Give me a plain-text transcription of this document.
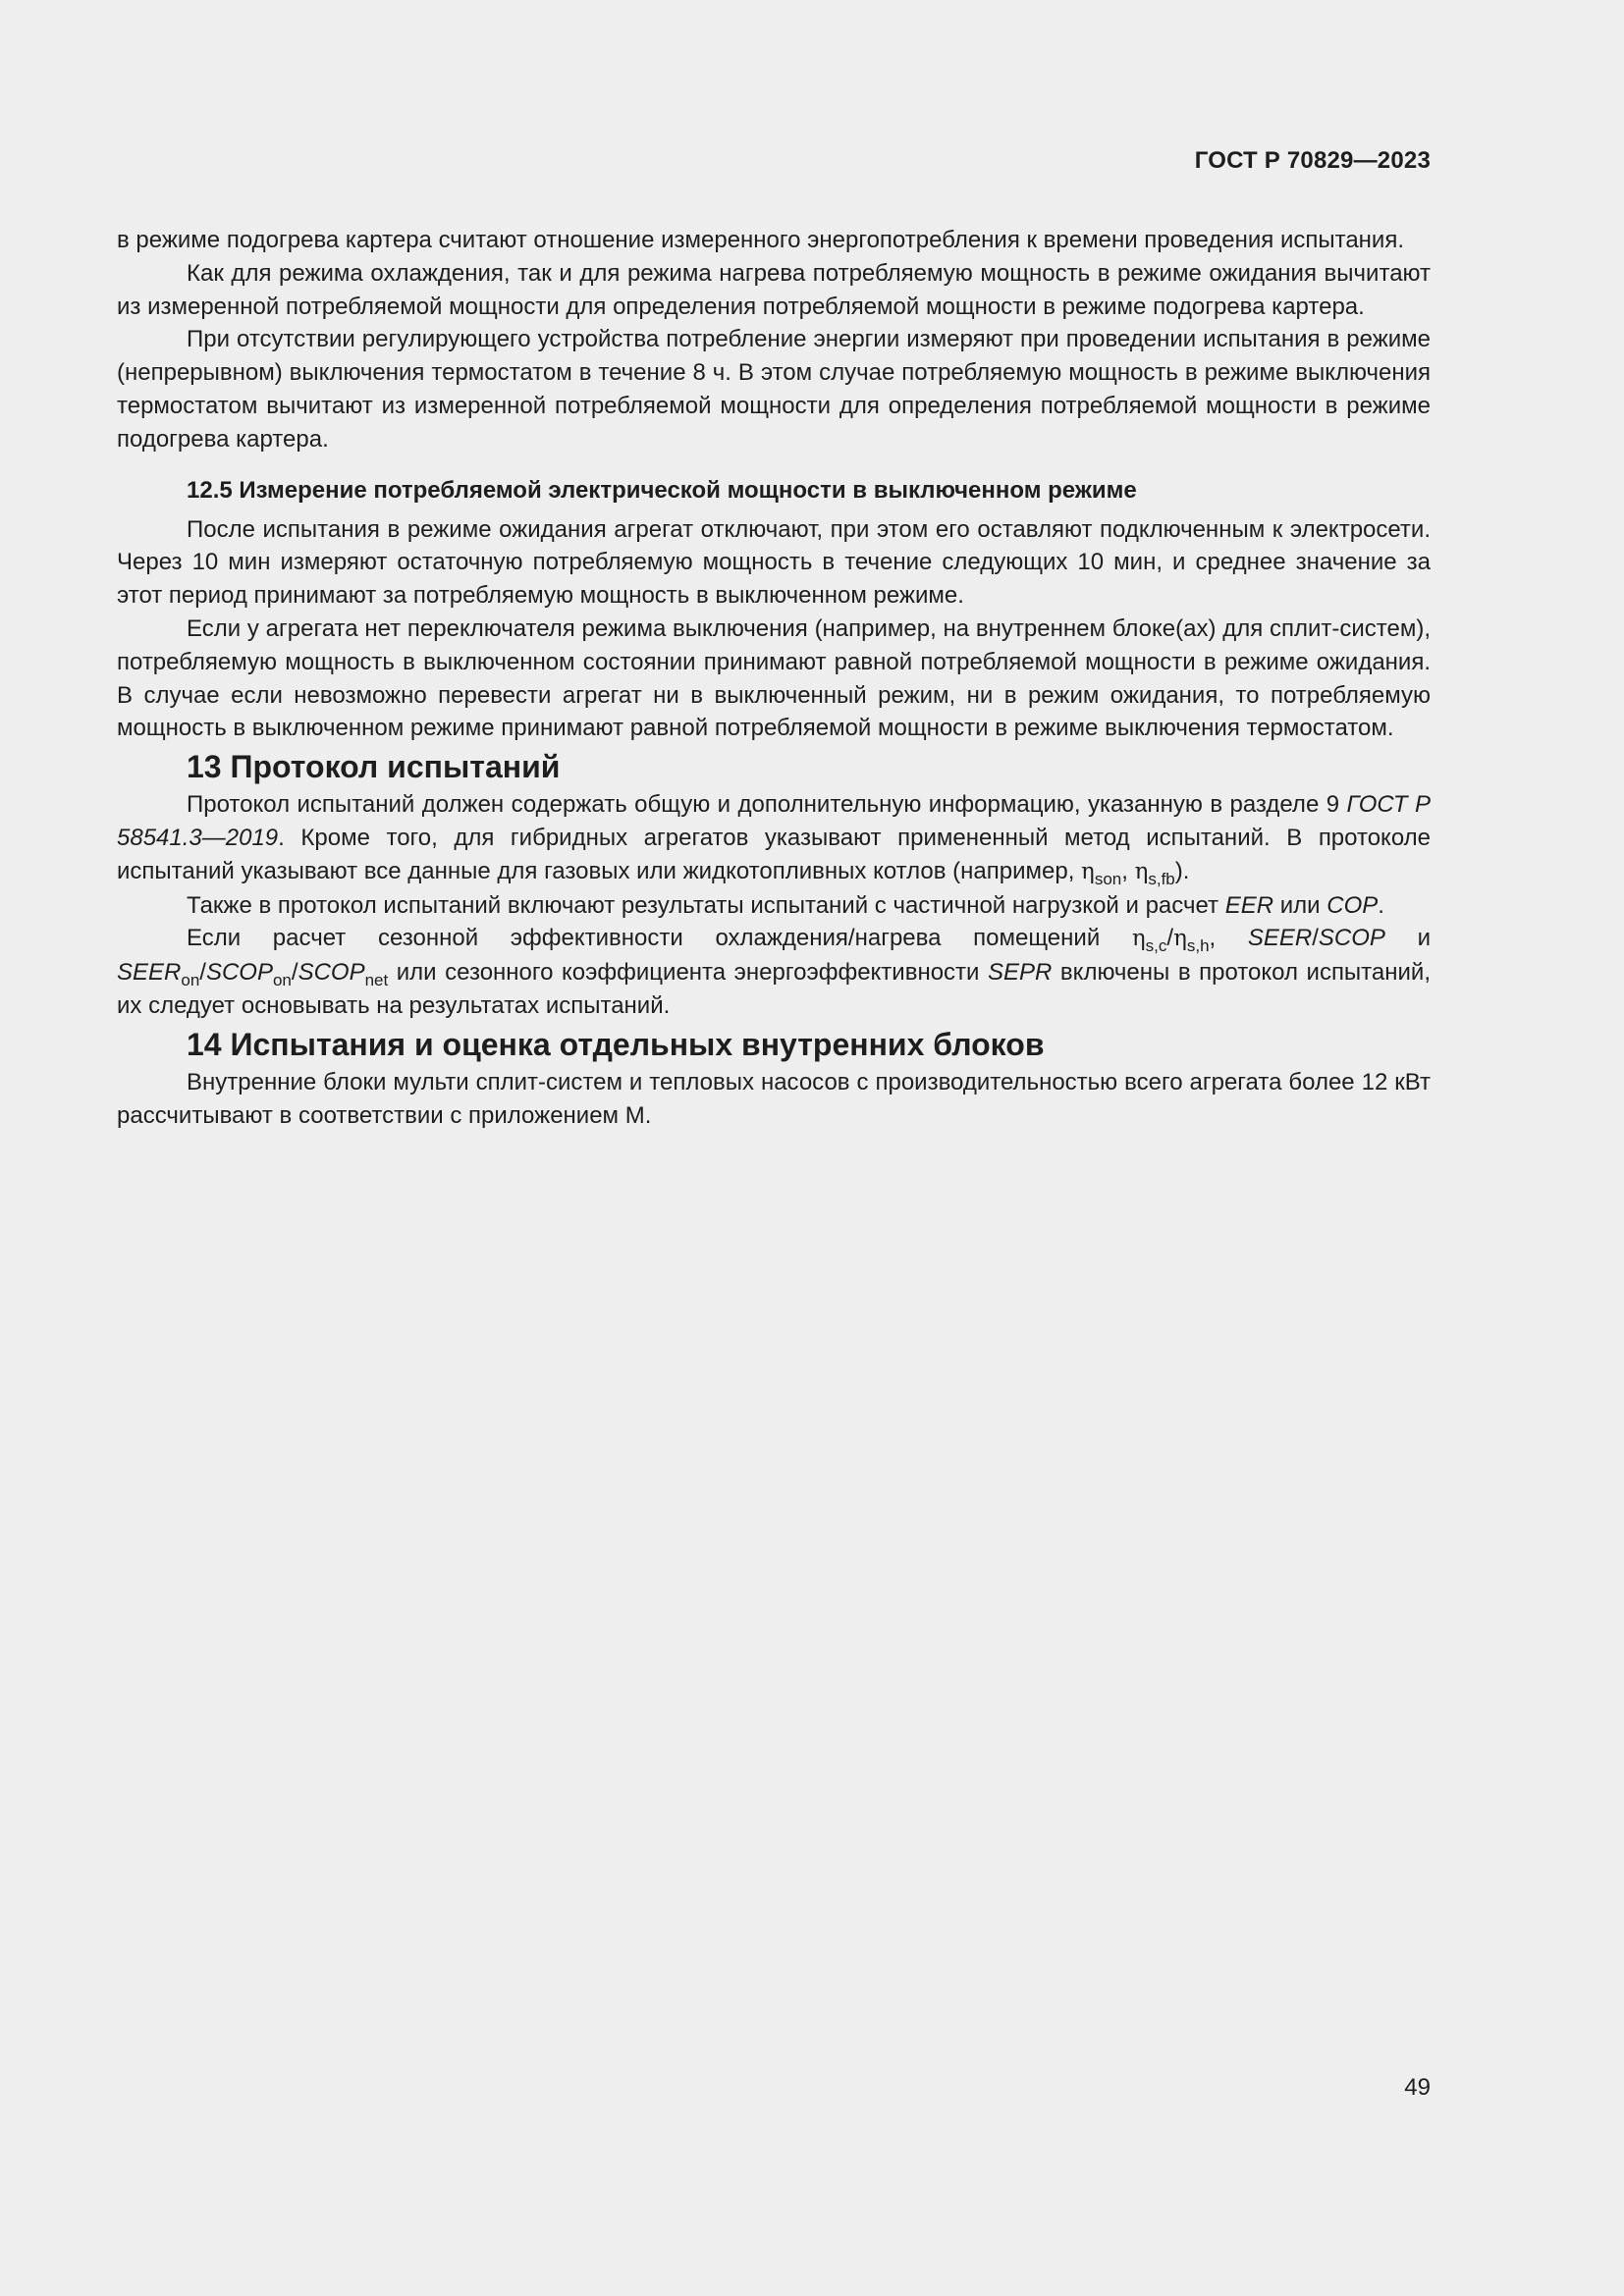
ГОСТ Р 70829—2023

в режиме подогрева картера считают отношение измеренного энергопотребления к времени проведения испытания.

Как для режима охлаждения, так и для режима нагрева потребляемую мощность в режиме ожидания вычитают из измеренной потребляемой мощности для определения потребляемой мощности в режиме подогрева картера.

При отсутствии регулирующего устройства потребление энергии измеряют при проведении испытания в режиме (непрерывном) выключения термостатом в течение 8 ч. В этом случае потребляемую мощность в режиме выключения термостатом вычитают из измеренной потребляемой мощности для определения потребляемой мощности в режиме подогрева картера.

12.5 Измерение потребляемой электрической мощности в выключенном режиме

После испытания в режиме ожидания агрегат отключают, при этом его оставляют подключенным к электросети. Через 10 мин измеряют остаточную потребляемую мощность в течение следующих 10 мин, и среднее значение за этот период принимают за потребляемую мощность в выключенном режиме.

Если у агрегата нет переключателя режима выключения (например, на внутреннем блоке(ах) для сплит-систем), потребляемую мощность в выключенном состоянии принимают равной потребляемой мощности в режиме ожидания. В случае если невозможно перевести агрегат ни в выключенный режим, ни в режим ожидания, то потребляемую мощность в выключенном режиме принимают равной потребляемой мощности в режиме выключения термостатом.

13 Протокол испытаний

Протокол испытаний должен содержать общую и дополнительную информацию, указанную в разделе 9 ГОСТ Р 58541.3—2019. Кроме того, для гибридных агрегатов указывают примененный метод испытаний. В протоколе испытаний указывают все данные для газовых или жидкотопливных котлов (например, $\eta_{son}$, $\eta_{s,fb}$).

Также в протокол испытаний включают результаты испытаний с частичной нагрузкой и расчет EER или COP.

Если расчет сезонной эффективности охлаждения/нагрева помещений $\eta_{s,c}/\eta_{s,h}$, SEER/SCOP и $SEER_{on}/SCOP_{on}/SCOP_{net}$ или сезонного коэффициента энергоэффективности SEPR включены в протокол испытаний, их следует основывать на результатах испытаний.

14 Испытания и оценка отдельных внутренних блоков

Внутренние блоки мульти сплит-систем и тепловых насосов с производительностью всего агрегата более 12 кВт рассчитывают в соответствии с приложением М.

49
